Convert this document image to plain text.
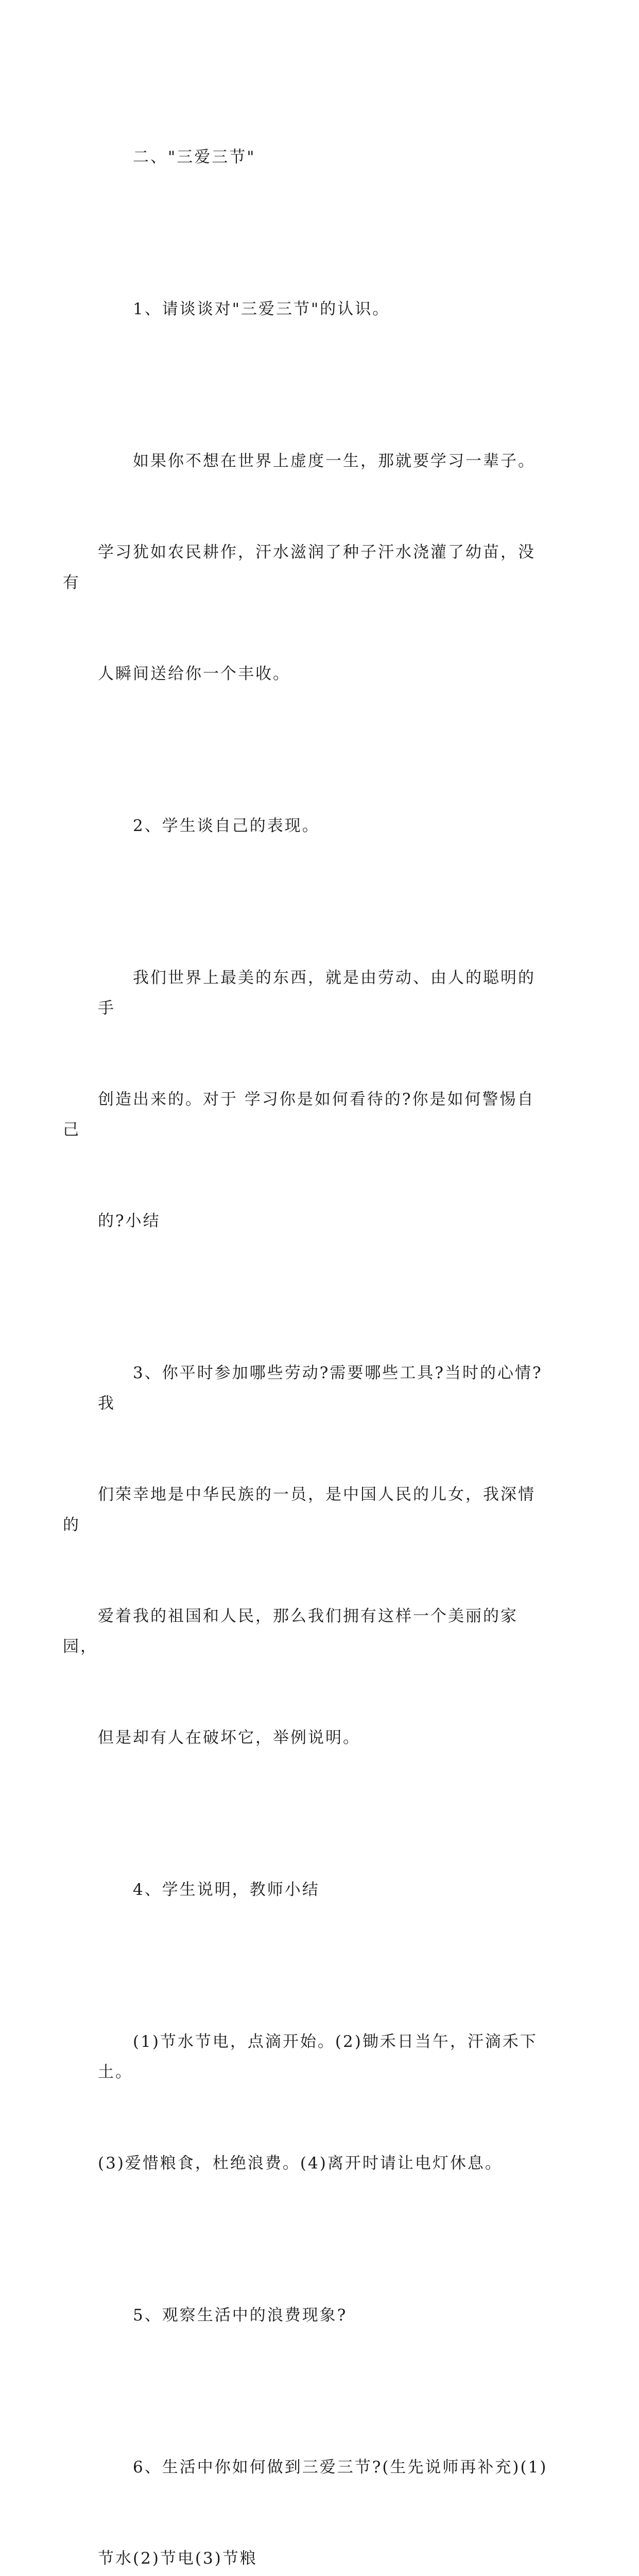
二、"三爱三节"

1、请谈谈对"三爱三节"的认识。

如果你不想在世界上虚度一生，那就要学习一辈子。

学习犹如农民耕作，汗水滋润了种子汗水浇灌了幼苗，没有

人瞬间送给你一个丰收。

2、学生谈自己的表现。

我们世界上最美的东西，就是由劳动、由人的聪明的手

创造出来的。对于 学习你是如何看待的?你是如何警惕自己

的?小结

3、你平时参加哪些劳动?需要哪些工具?当时的心情?我

们荣幸地是中华民族的一员，是中国人民的儿女，我深情的

爱着我的祖国和人民，那么我们拥有这样一个美丽的家园，

但是却有人在破坏它，举例说明。

4、学生说明，教师小结

(1)节水节电，点滴开始。(2)锄禾日当午，汗滴禾下土。

(3)爱惜粮食，杜绝浪费。(4)离开时请让电灯休息。

5、观察生活中的浪费现象?

6、生活中你如何做到三爱三节?(生先说师再补充)(1)

节水(2)节电(3)节粮
